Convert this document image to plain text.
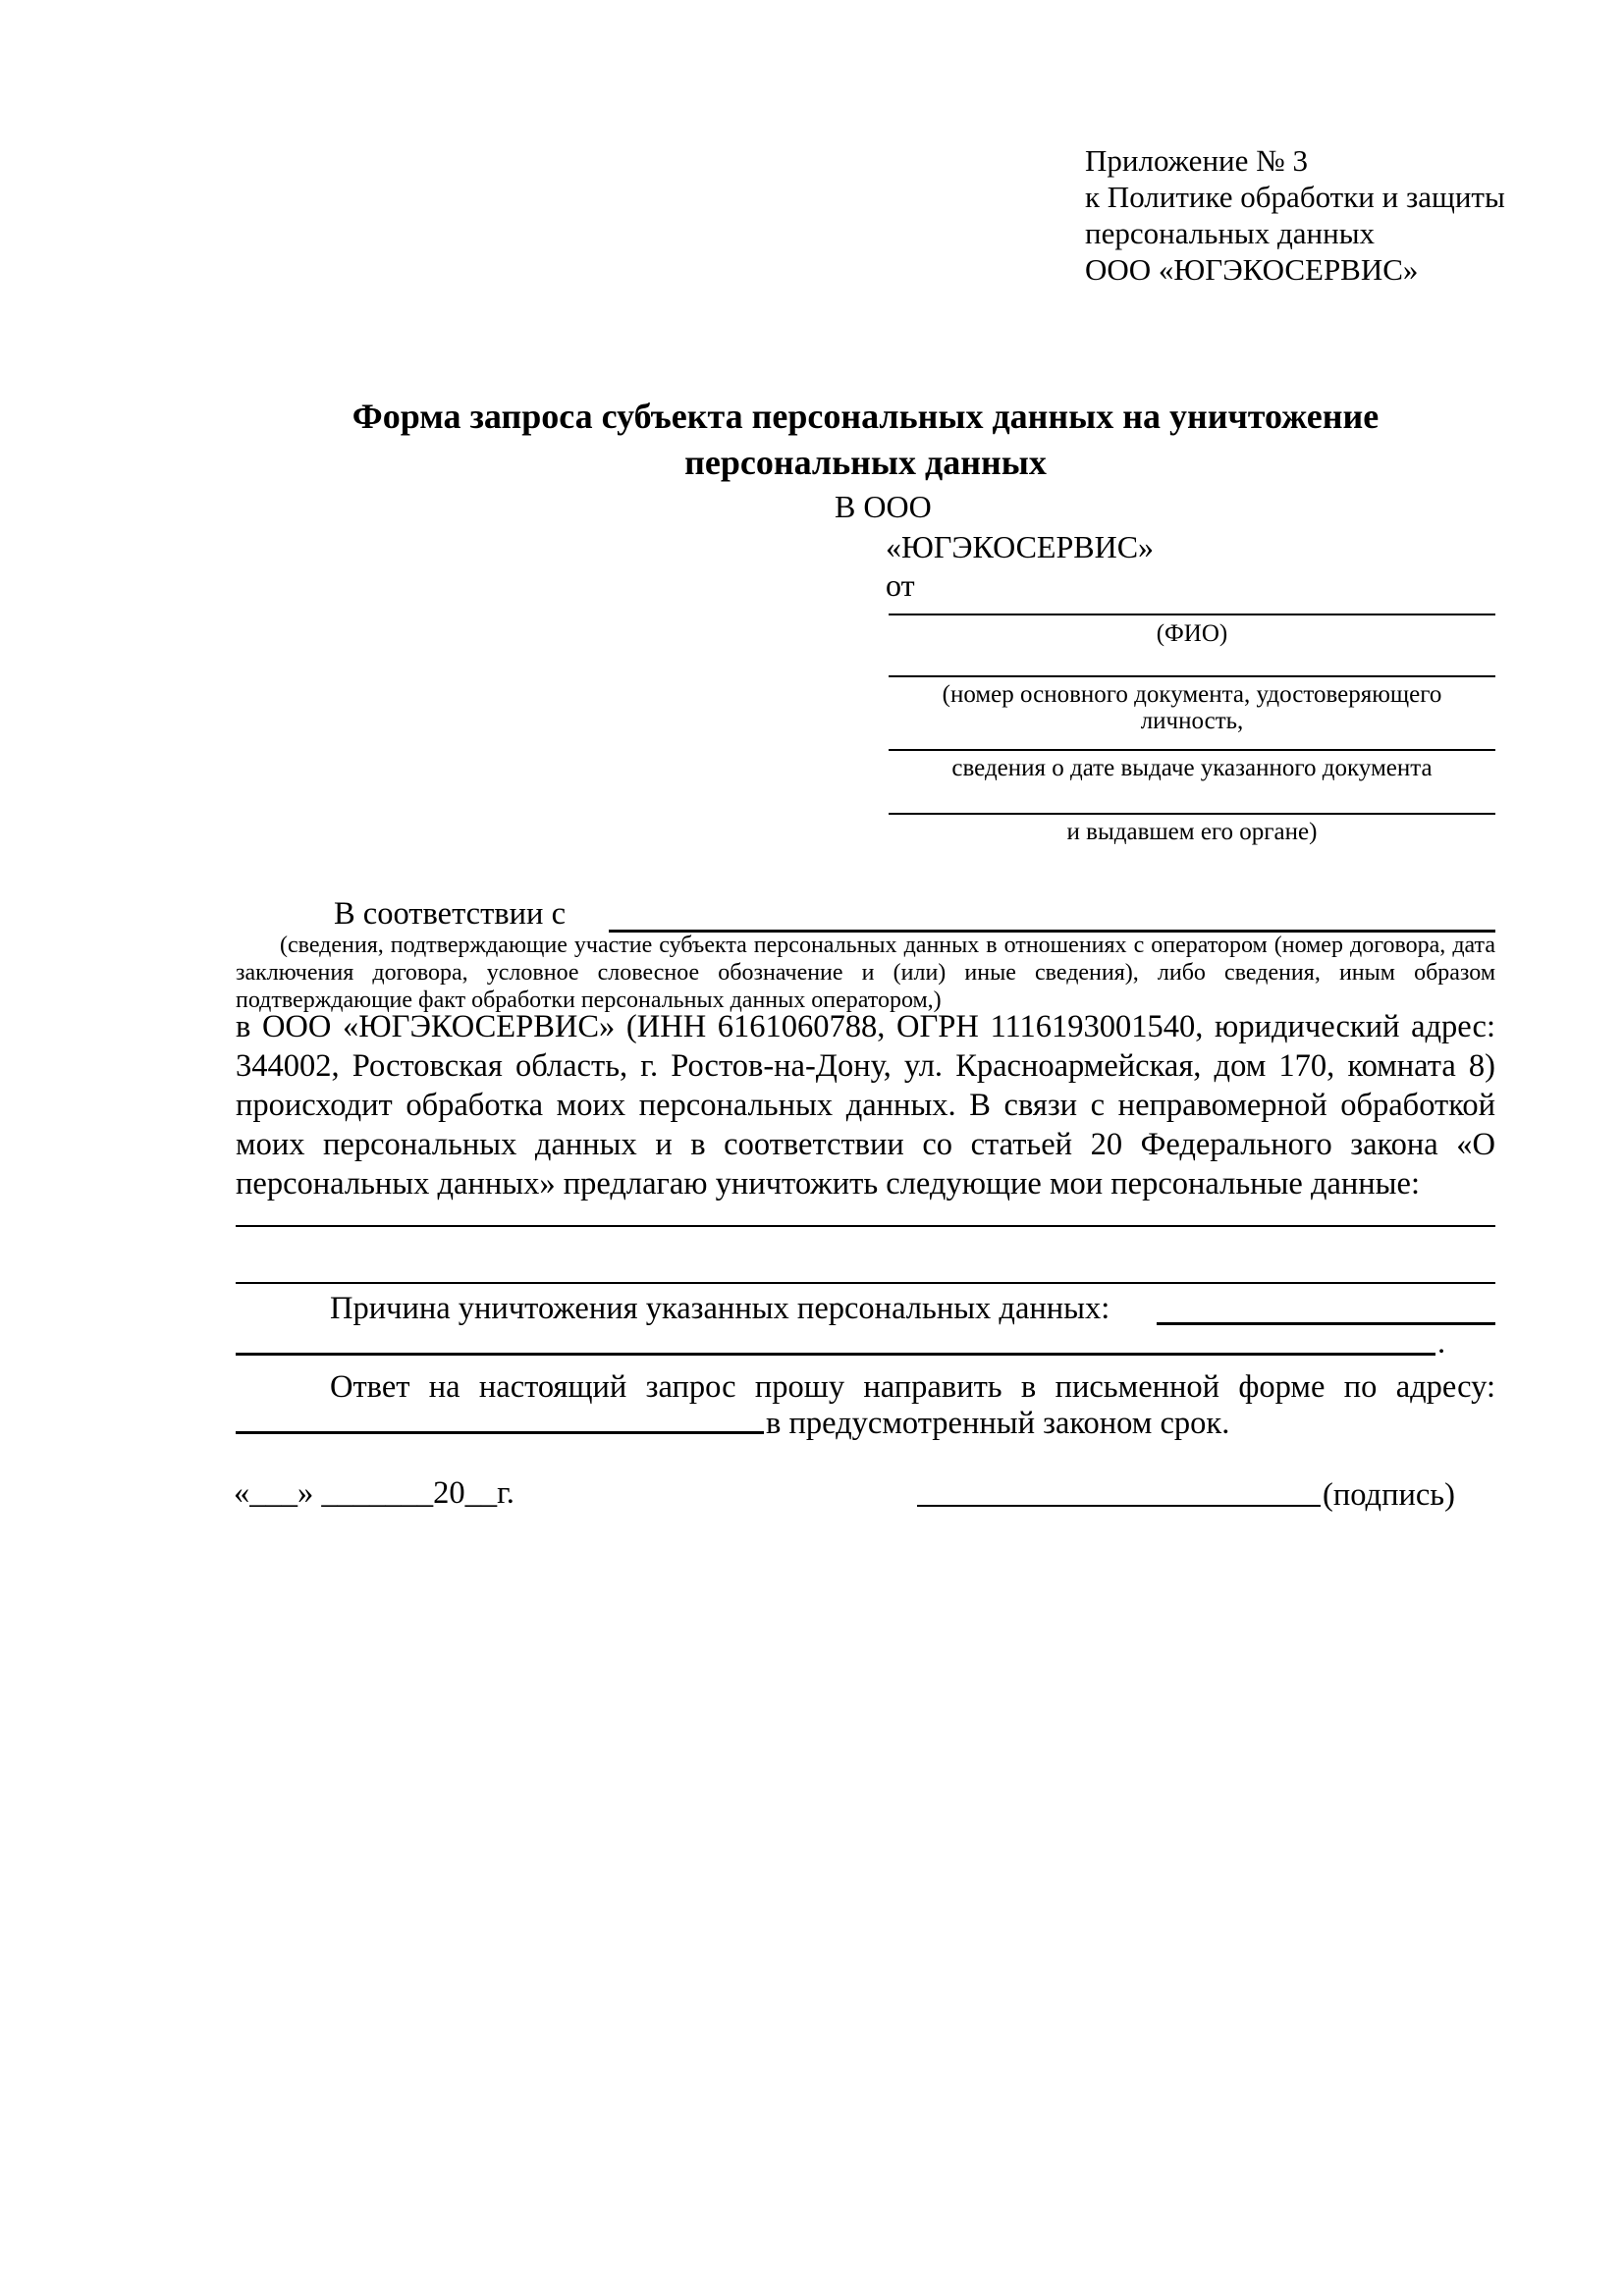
Приложение № 3
к Политике обработки и защиты
персональных данных
ООО «ЮГЭКОСЕРВИС»
Форма запроса субъекта персональных данных на уничтожение
персональных данных
В ООО
«ЮГЭКОСЕРВИС»
от
(ФИО)
(номер основного документа, удостоверяющего личность,
сведения о дате выдаче указанного документа
и выдавшем его органе)
В соответствии с
(сведения, подтверждающие участие субъекта персональных данных в отношениях с оператором (номер договора, дата заключения договора, условное словесное обозначение и (или) иные сведения), либо сведения, иным образом подтверждающие факт обработки персональных данных оператором,)
в ООО «ЮГЭКОСЕРВИС» (ИНН 6161060788, ОГРН 1116193001540, юридический адрес: 344002, Ростовская область, г. Ростов-на-Дону, ул. Красноармейская, дом 170, комната 8) происходит обработка моих персональных данных. В связи с неправомерной обработкой моих персональных данных и в соответствии со статьей 20 Федерального закона «О персональных данных» предлагаю уничтожить следующие мои персональные данные:
Причина уничтожения указанных персональных данных:
.
Ответ на настоящий запрос прошу направить в письменной форме по адресу:
в предусмотренный законом срок.
«___» _______20__г.	(подпись)
